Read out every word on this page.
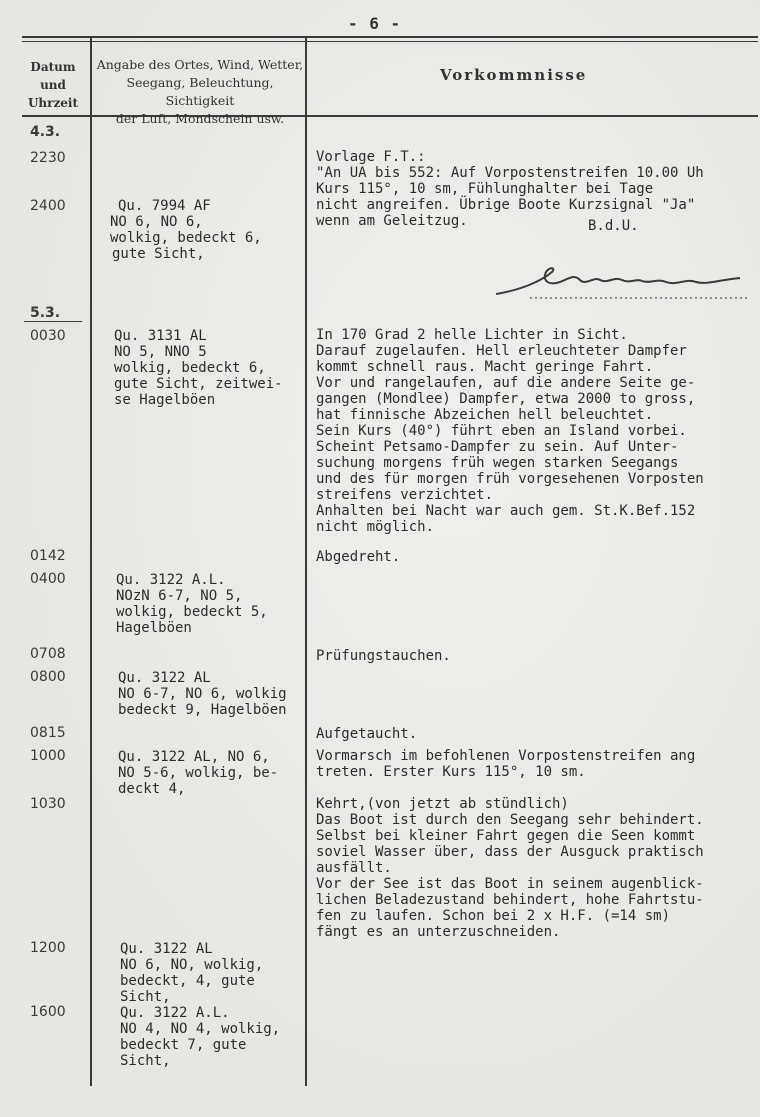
- 6 -
Datum
und
Uhrzeit
Angabe des Ortes, Wind, Wetter,
Seegang, Beleuchtung, Sichtigkeit
der Luft, Mondschein usw.
Vorkommnisse
4.3.
2230
2400
5.3.
0030
0142
0400
0708
0800
0815
1000
1030
1200
1600
Qu. 7994 AF
NO 6, NO 6,
wolkig, bedeckt 6,
gute Sicht,
Qu. 3131 AL
NO 5, NNO 5
wolkig, bedeckt 6,
gute Sicht, zeitwei-
se Hagelböen
Qu. 3122 A.L.
NOzN 6-7, NO 5,
wolkig, bedeckt 5,
Hagelböen
Qu. 3122 AL
NO 6-7, NO 6, wolkig
bedeckt 9, Hagelböen
Qu. 3122 AL, NO 6,
NO 5-6, wolkig, be-
deckt 4,
Qu. 3122 AL
NO 6, NO, wolkig,
bedeckt, 4, gute
Sicht,
Qu. 3122 A.L.
NO 4, NO 4, wolkig,
bedeckt 7, gute
Sicht,
Vorlage F.T.:
"An UA bis 552: Auf Vorpostenstreifen 10.00 Uh
Kurs 115°, 10 sm, Fühlunghalter bei Tage
nicht angreifen. Übrige Boote Kurzsignal "Ja"
wenn am Geleitzug.	B.d.U.
In 170 Grad 2 helle Lichter in Sicht.
Darauf zugelaufen. Hell erleuchteter Dampfer
kommt schnell raus. Macht geringe Fahrt.
Vor und rangelaufen, auf die andere Seite ge-
gangen (Mondlee) Dampfer, etwa 2000 to gross,
hat finnische Abzeichen hell beleuchtet.
Sein Kurs (40°) führt eben an Island vorbei.
Scheint Petsamo-Dampfer zu sein. Auf Unter-
suchung morgens früh wegen starken Seegangs
und des für morgen früh vorgesehenen Vorposten
streifens verzichtet.
Anhalten bei Nacht war auch gem. St.K.Bef.152
nicht möglich.
Abgedreht.
Prüfungstauchen.
Aufgetaucht.
Vormarsch im befohlenen Vorpostenstreifen ang
treten. Erster Kurs 115°, 10 sm.
Kehrt,(von jetzt ab stündlich)
Das Boot ist durch den Seegang sehr behindert.
Selbst bei kleiner Fahrt gegen die Seen kommt
soviel Wasser über, dass der Ausguck praktisch
ausfällt.
Vor der See ist das Boot in seinem augenblick-
lichen Beladezustand behindert, hohe Fahrtstu-
fen zu laufen. Schon bei 2 x H.F. (=14 sm)
fängt es an unterzuschneiden.
